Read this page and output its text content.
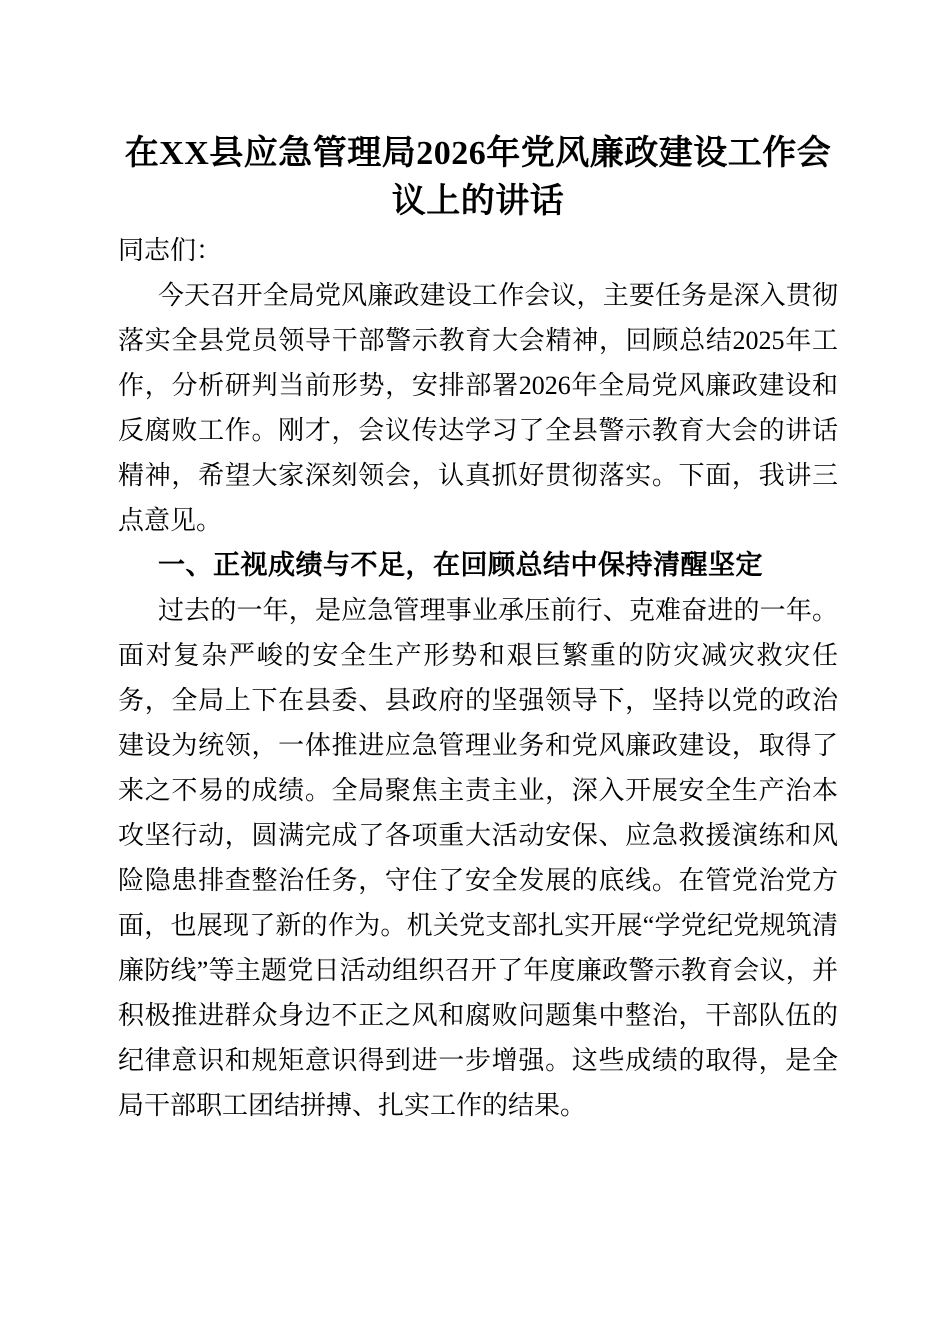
在XX县应急管理局2026年党风廉政建设工作会议上的讲话

同志们：

今天召开全局党风廉政建设工作会议，主要任务是深入贯彻落实全县党员领导干部警示教育大会精神，回顾总结2025年工作，分析研判当前形势，安排部署2026年全局党风廉政建设和反腐败工作。刚才，会议传达学习了全县警示教育大会的讲话精神，希望大家深刻领会，认真抓好贯彻落实。下面，我讲三点意见。

一、正视成绩与不足，在回顾总结中保持清醒坚定

过去的一年，是应急管理事业承压前行、克难奋进的一年。面对复杂严峻的安全生产形势和艰巨繁重的防灾减灾救灾任务，全局上下在县委、县政府的坚强领导下，坚持以党的政治建设为统领，一体推进应急管理业务和党风廉政建设，取得了来之不易的成绩。全局聚焦主责主业，深入开展安全生产治本攻坚行动，圆满完成了各项重大活动安保、应急救援演练和风险隐患排查整治任务，守住了安全发展的底线。在管党治党方面，也展现了新的作为。机关党支部扎实开展“学党纪党规筑清廉防线”等主题党日活动组织召开了年度廉政警示教育会议，并积极推进群众身边不正之风和腐败问题集中整治，干部队伍的纪律意识和规矩意识得到进一步增强。这些成绩的取得，是全局干部职工团结拼搏、扎实工作的结果。
